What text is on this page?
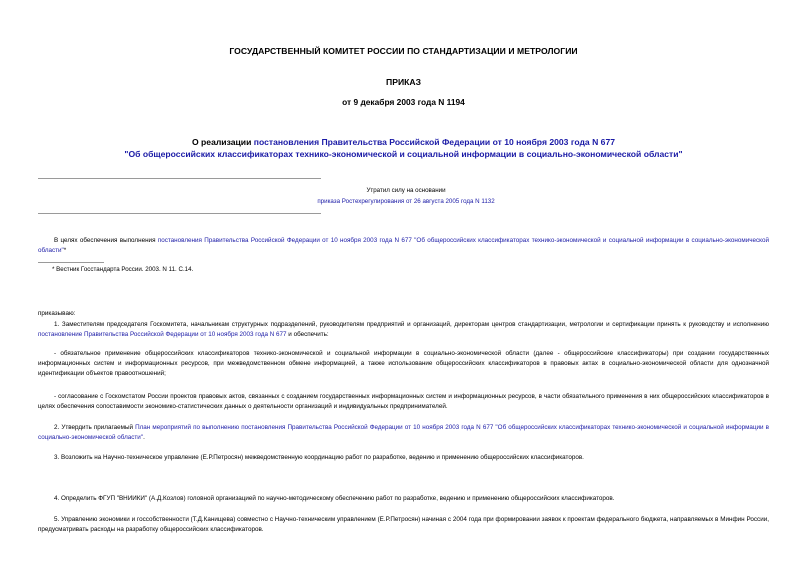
ГОСУДАРСТВЕННЫЙ КОМИТЕТ РОССИИ ПО СТАНДАРТИЗАЦИИ И МЕТРОЛОГИИ
ПРИКАЗ
от 9 декабря 2003 года N 1194
О реализации постановления Правительства Российской Федерации от 10 ноября 2003 года N 677
"Об общероссийских классификаторах технико-экономической и социальной информации в социально-экономической области"
Утратил силу на основании
приказа Ростехрегулирования от 26 августа 2005 года N 1132
В целях обеспечения выполнения постановления Правительства Российской Федерации от 10 ноября 2003 года N 677 "Об общероссийских классификаторах технико-экономической и социальной информации в социально-экономической области"*
* Вестник Госстандарта России. 2003. N 11. С.14.
приказываю:
1. Заместителям председателя Госкомитета, начальникам структурных подразделений, руководителям предприятий и организаций, директорам центров стандартизации, метрологии и сертификации принять к руководству и исполнению постановление Правительства Российской Федерации от 10 ноября 2003 года N 677 и обеспечить:
- обязательное применение общероссийских классификаторов технико-экономической и социальной информации в социально-экономической области (далее - общероссийские классификаторы) при создании государственных информационных систем и информационных ресурсов, при межведомственном обмене информацией, а также использование общероссийских классификаторов в правовых актах в социально-экономической области для однозначной идентификации объектов правоотношений;
- согласование с Госкомстатом России проектов правовых актов, связанных с созданием государственных информационных систем и информационных ресурсов, в части обязательного применения в них общероссийских классификаторов в целях обеспечения сопоставимости экономико-статистических данных о деятельности организаций и индивидуальных предпринимателей.
2. Утвердить прилагаемый План мероприятий по выполнению постановления Правительства Российской Федерации от 10 ноября 2003 года N 677 "Об общероссийских классификаторах технико-экономической и социальной информации в социально-экономической области".
3. Возложить на Научно-техническое управление (Е.Р.Петросян) межведомственную координацию работ по разработке, ведению и применению общероссийских классификаторов.
4. Определить ФГУП "ВНИИКИ" (А.Д.Козлов) головной организацией по научно-методическому обеспечению работ по разработке, ведению и применению общероссийских классификаторов.
5. Управлению экономики и госсобственности (Т.Д.Канищева) совместно с Научно-техническим управлением (Е.Р.Петросян) начиная с 2004 года при формировании заявок к проектам федерального бюджета, направляемых в Минфин России, предусматривать расходы на разработку общероссийских классификаторов.
